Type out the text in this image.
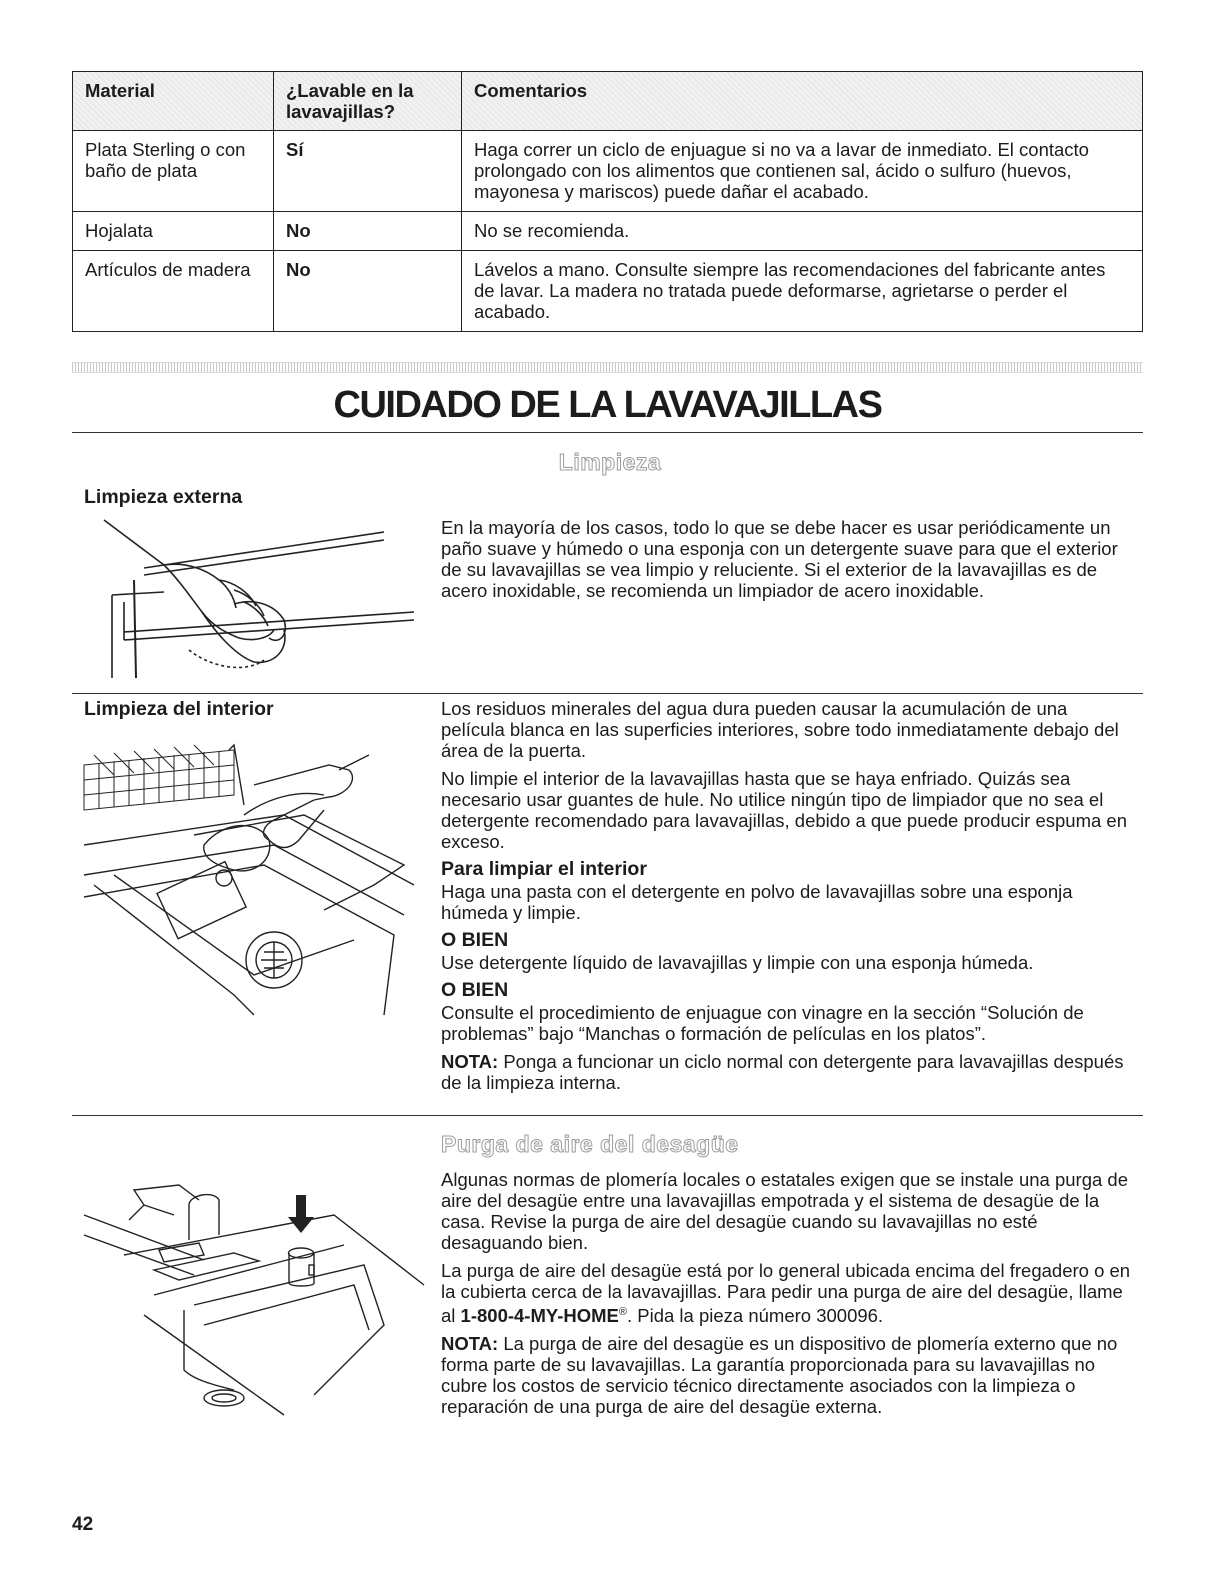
Material	¿Lavable en la lavavajillas?	Comentarios
Plata Sterling o con baño de plata	Sí	Haga correr un ciclo de enjuague si no va a lavar de inmediato. El contacto prolongado con los alimentos que contienen sal, ácido o sulfuro (huevos, mayonesa y mariscos) puede dañar el acabado.
Hojalata	No	No se recomienda.
Artículos de madera	No	Lávelos a mano. Consulte siempre las recomendaciones del fabricante antes de lavar. La madera no tratada puede deformarse, agrietarse o perder el acabado.
CUIDADO DE LA LAVAVAJILLAS
Limpieza
Limpieza externa

En la mayoría de los casos, todo lo que se debe hacer es usar periódicamente un paño suave y húmedo o una esponja con un detergente suave para que el exterior de su lavavajillas se vea limpio y reluciente. Si el exterior de la lavavajillas es de acero inoxidable, se recomienda un limpiador de acero inoxidable.

Limpieza del interior	Los residuos minerales del agua dura pueden causar la acumulación de una película blanca en las superficies interiores, sobre todo inmediatamente debajo del área de la puerta.

No limpie el interior de la lavavajillas hasta que se haya enfriado. Quizás sea necesario usar guantes de hule. No utilice ningún tipo de limpiador que no sea el detergente recomendado para lavavajillas, debido a que puede producir espuma en exceso.

Para limpiar el interior

Haga una pasta con el detergente en polvo de lavavajillas sobre una esponja húmeda y limpie.

O BIEN

Use detergente líquido de lavavajillas y limpie con una esponja húmeda.

O BIEN

Consulte el procedimiento de enjuague con vinagre en la sección “Solución de problemas” bajo “Manchas o formación de películas en los platos”.

NOTA: Ponga a funcionar un ciclo normal con detergente para lavavajillas después de la limpieza interna.

Purga de aire del desagüe

Algunas normas de plomería locales o estatales exigen que se instale una purga de aire del desagüe entre una lavavajillas empotrada y el sistema de desagüe de la casa. Revise la purga de aire del desagüe cuando su lavavajillas no esté desaguando bien.

La purga de aire del desagüe está por lo general ubicada encima del fregadero o en la cubierta cerca de la lavavajillas. Para pedir una purga de aire del desagüe, llame al 1-800-4-MY-HOME®. Pida la pieza número 300096.

NOTA: La purga de aire del desagüe es un dispositivo de plomería externo que no forma parte de su lavavajillas. La garantía proporcionada para su lavavajillas no cubre los costos de servicio técnico directamente asociados con la limpieza o reparación de una purga de aire del desagüe externa.

42
